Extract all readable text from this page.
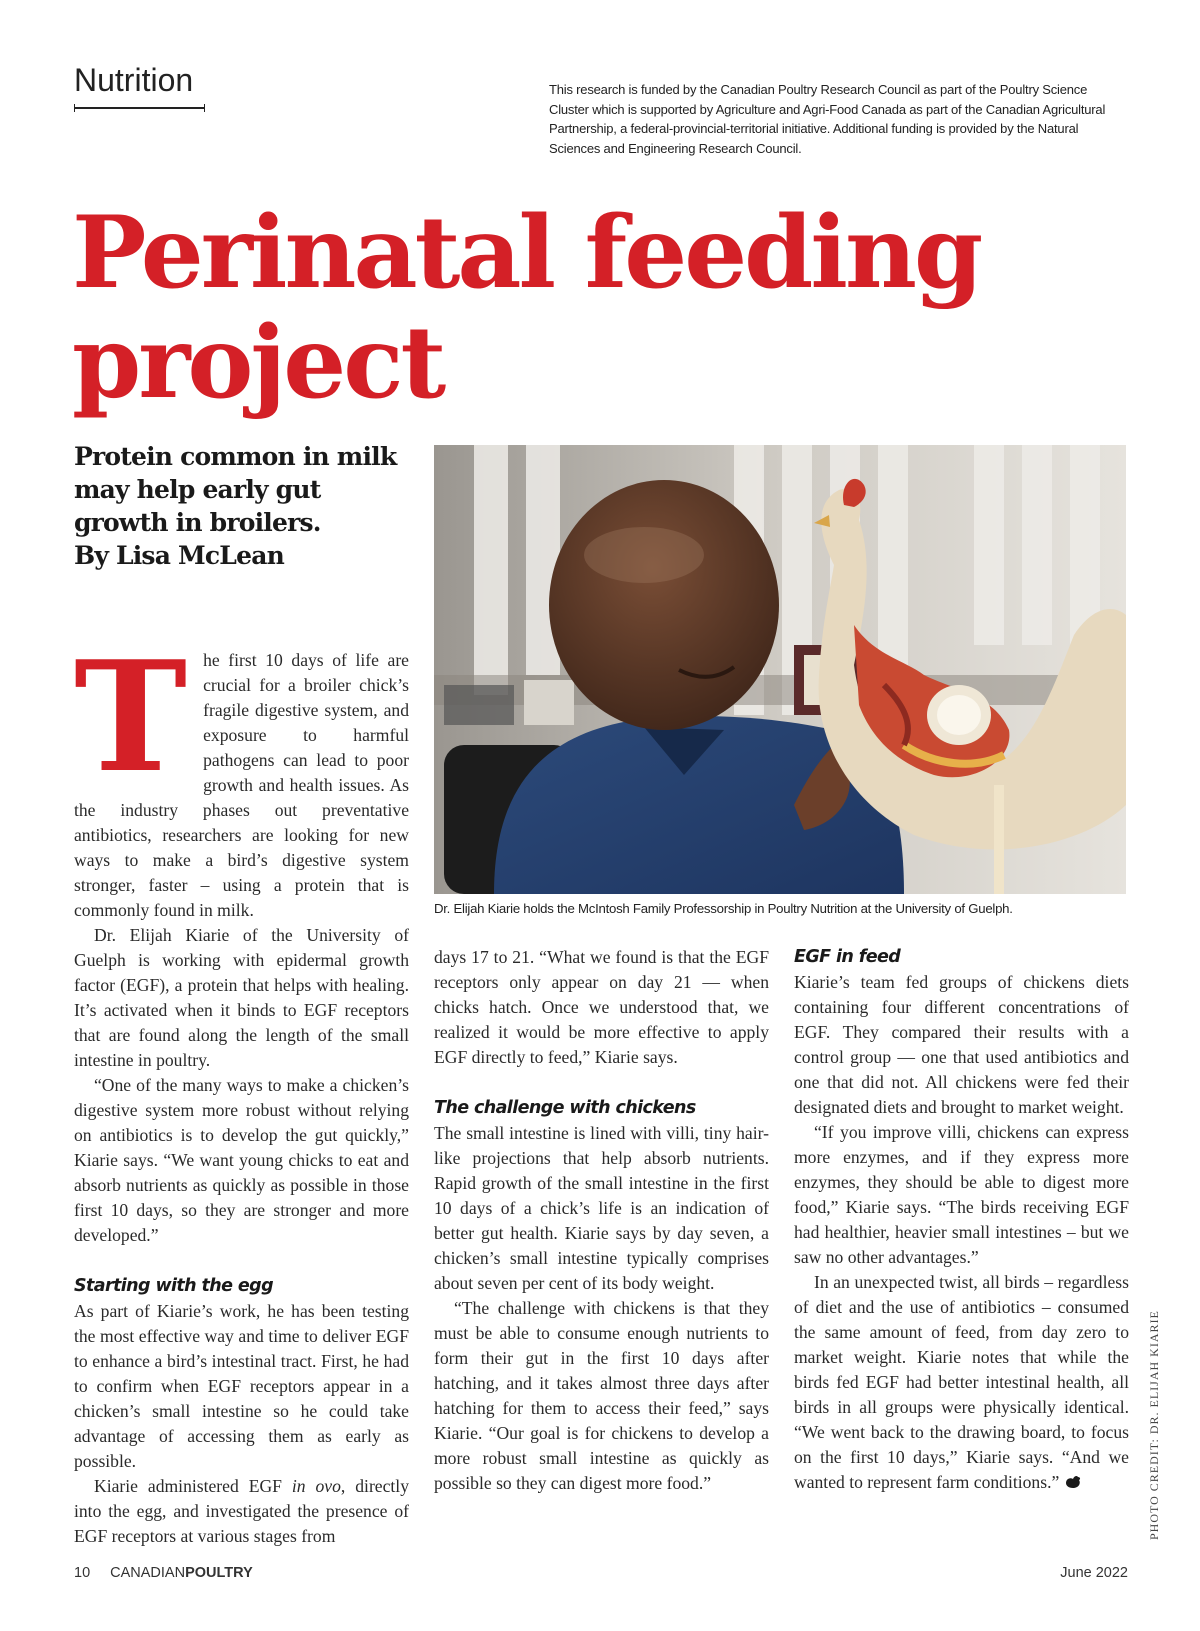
Nutrition	This research is funded by the Canadian Poultry Research Council as part of the Poultry Science Cluster which is supported by Agriculture and Agri-Food Canada as part of the Canadian Agricultural Partnership, a federal-provincial-territorial initiative. Additional funding is provided by the Natural Sciences and Engineering Research Council.
Perinatal feeding
project
Protein common in milk may help early gut growth in broilers.
By Lisa McLean
Dr. Elijah Kiarie holds the McIntosh Family Professorship in Poultry Nutrition at the University of Guelph.
T he first 10 days of life are crucial for a broiler chick’s fragile digestive system, and exposure to harmful pathogens can lead to poor growth and health issues. As the industry phases out preventative antibiotics, researchers are looking for new ways to make a bird’s digestive system stronger, faster – using a protein that is commonly found in milk.

Dr. Elijah Kiarie of the University of Guelph is working with epidermal growth factor (EGF), a protein that helps with healing. It’s activated when it binds to EGF receptors that are found along the length of the small intestine in poultry.

“One of the many ways to make a chicken’s digestive system more robust without relying on antibiotics is to develop the gut quickly,” Kiarie says. “We want young chicks to eat and absorb nutrients as quickly as possible in those first 10 days, so they are stronger and more developed.”

Starting with the egg

As part of Kiarie’s work, he has been testing the most effective way and time to deliver EGF to enhance a bird’s intestinal tract. First, he had to confirm when EGF receptors appear in a chicken’s small intestine so he could take advantage of accessing them as early as possible.

Kiarie administered EGF in ovo, directly into the egg, and investigated the presence of EGF receptors at various stages from

days 17 to 21. “What we found is that the EGF receptors only appear on day 21 — when chicks hatch. Once we understood that, we realized it would be more effective to apply EGF directly to feed,” Kiarie says.

The challenge with chickens

The small intestine is lined with villi, tiny hair-like projections that help absorb nutrients. Rapid growth of the small intestine in the first 10 days of a chick’s life is an indication of better gut health. Kiarie says by day seven, a chicken’s small intestine typically comprises about seven per cent of its body weight.

“The challenge with chickens is that they must be able to consume enough nutrients to form their gut in the first 10 days after hatching, and it takes almost three days after hatching for them to access their feed,” says Kiarie. “Our goal is for chickens to develop a more robust small intestine as quickly as possible so they can digest more food.”

EGF in feed

Kiarie’s team fed groups of chickens diets containing four different concentrations of EGF. They compared their results with a control group — one that used antibiotics and one that did not. All chickens were fed their designated diets and brought to market weight.

“If you improve villi, chickens can express more enzymes, and if they express more enzymes, they should be able to digest more food,” Kiarie says. “The birds receiving EGF had healthier, heavier small intestines – but we saw no other advantages.”

In an unexpected twist, all birds – regardless of diet and the use of antibiotics – consumed the same amount of feed, from day zero to market weight. Kiarie notes that while the birds fed EGF had better intestinal health, all birds in all groups were physically identical. “We went back to the drawing board, to focus on the first 10 days,” Kiarie says. “And we wanted to represent farm conditions.”	PHOTO CREDIT: DR. ELIJAH KIARIE
10 CANADIANPOULTRY	June 2022
